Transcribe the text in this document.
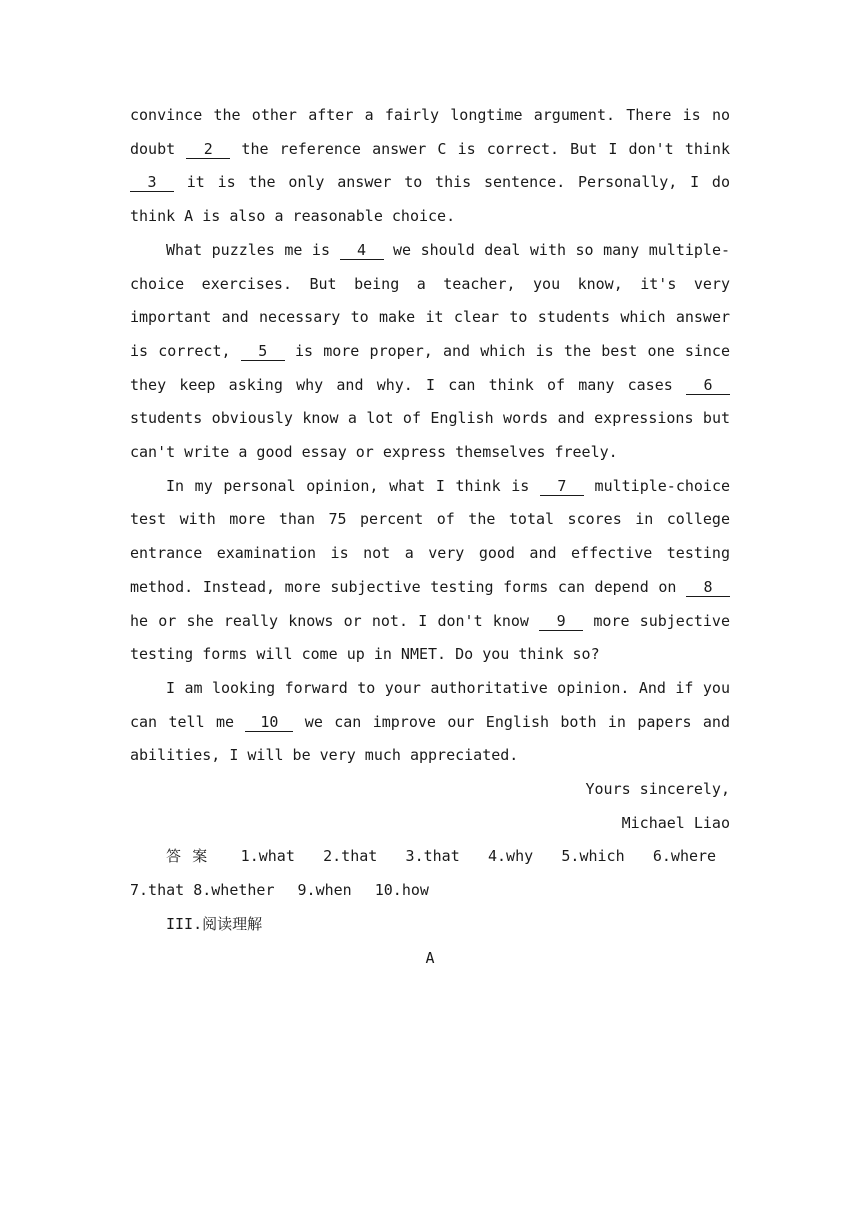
convince the other after a fairly longtime argument. There is no doubt 2 the reference answer C is correct. But I don't think 3 it is the only answer to this sentence. Personally, I do think A is also a reasonable choice.

What puzzles me is 4 we should deal with so many multiple-choice exercises. But being a teacher, you know, it's very important and necessary to make it clear to students which answer is correct, 5 is more proper, and which is the best one since they keep asking why and why. I can think of many cases 6 students obviously know a lot of English words and expressions but can't write a good essay or express themselves freely.

In my personal opinion, what I think is 7 multiple-choice test with more than 75 percent of the total scores in college entrance examination is not a very good and effective testing method. Instead, more subjective testing forms can depend on 8 he or she really knows or not. I don't know 9 more subjective testing forms will come up in NMET. Do you think so?

I am looking forward to your authoritative opinion. And if you can tell me 10 we can improve our English both in papers and abilities, I will be very much appreciated.

Yours sincerely,

Michael Liao

答案 1.what 2.that 3.that 4.why 5.which 6.where 7.that 8.whether 9.when 10.how

III.阅读理解

A
